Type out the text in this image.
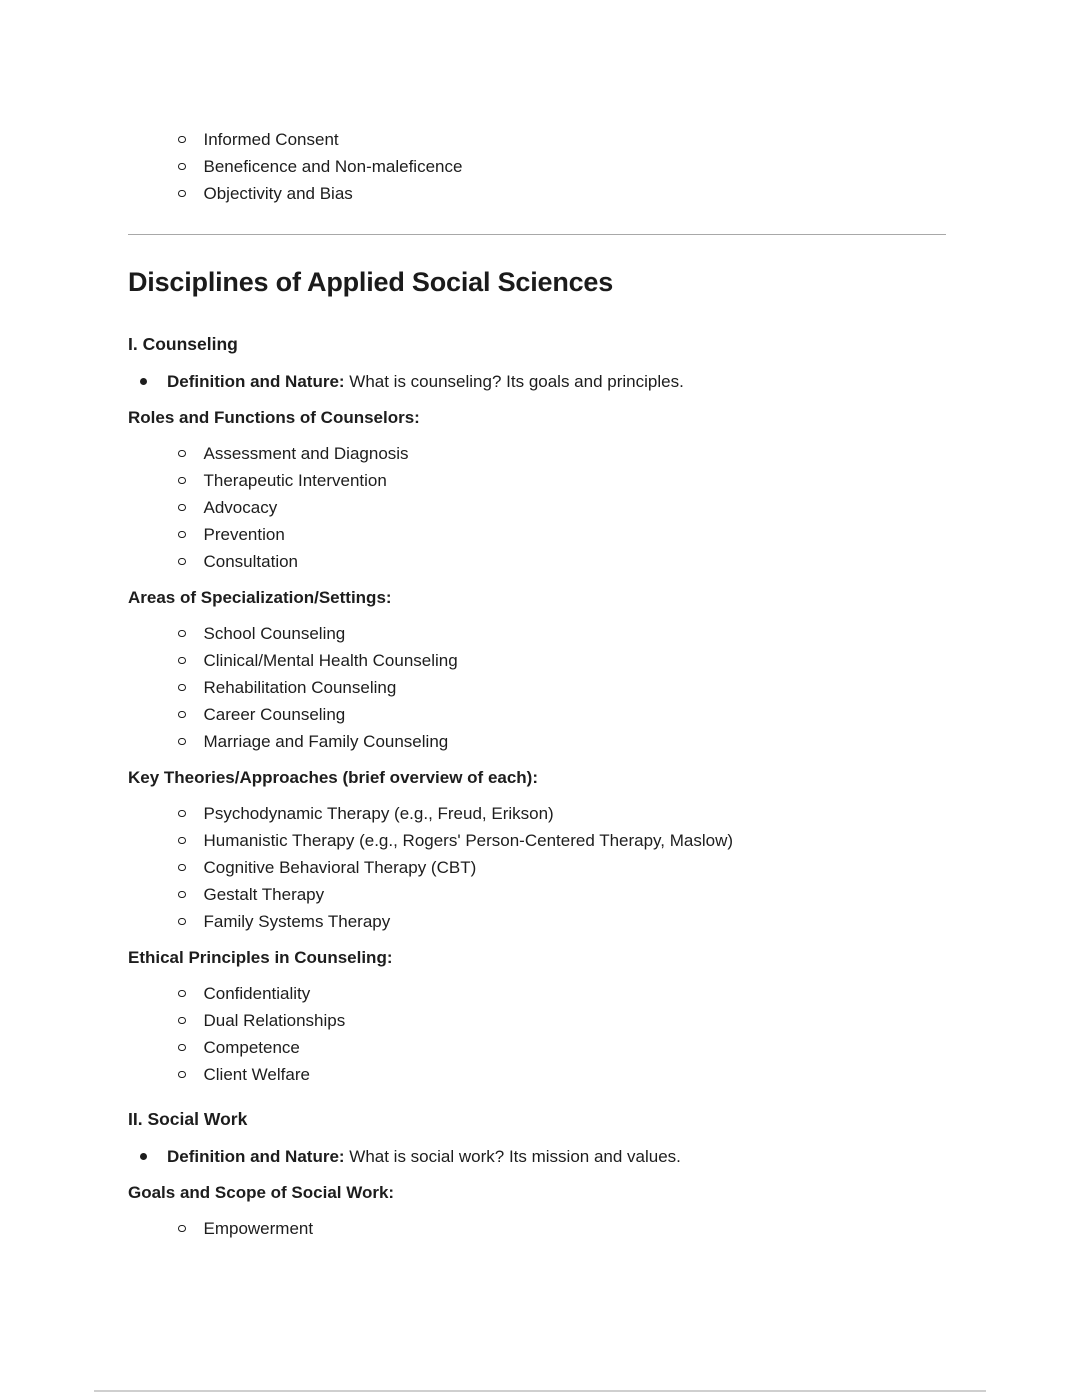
Informed Consent
Beneficence and Non-maleficence
Objectivity and Bias
Disciplines of Applied Social Sciences
I. Counseling
Definition and Nature: What is counseling? Its goals and principles.
Roles and Functions of Counselors:
Assessment and Diagnosis
Therapeutic Intervention
Advocacy
Prevention
Consultation
Areas of Specialization/Settings:
School Counseling
Clinical/Mental Health Counseling
Rehabilitation Counseling
Career Counseling
Marriage and Family Counseling
Key Theories/Approaches (brief overview of each):
Psychodynamic Therapy (e.g., Freud, Erikson)
Humanistic Therapy (e.g., Rogers' Person-Centered Therapy, Maslow)
Cognitive Behavioral Therapy (CBT)
Gestalt Therapy
Family Systems Therapy
Ethical Principles in Counseling:
Confidentiality
Dual Relationships
Competence
Client Welfare
II. Social Work
Definition and Nature: What is social work? Its mission and values.
Goals and Scope of Social Work:
Empowerment
